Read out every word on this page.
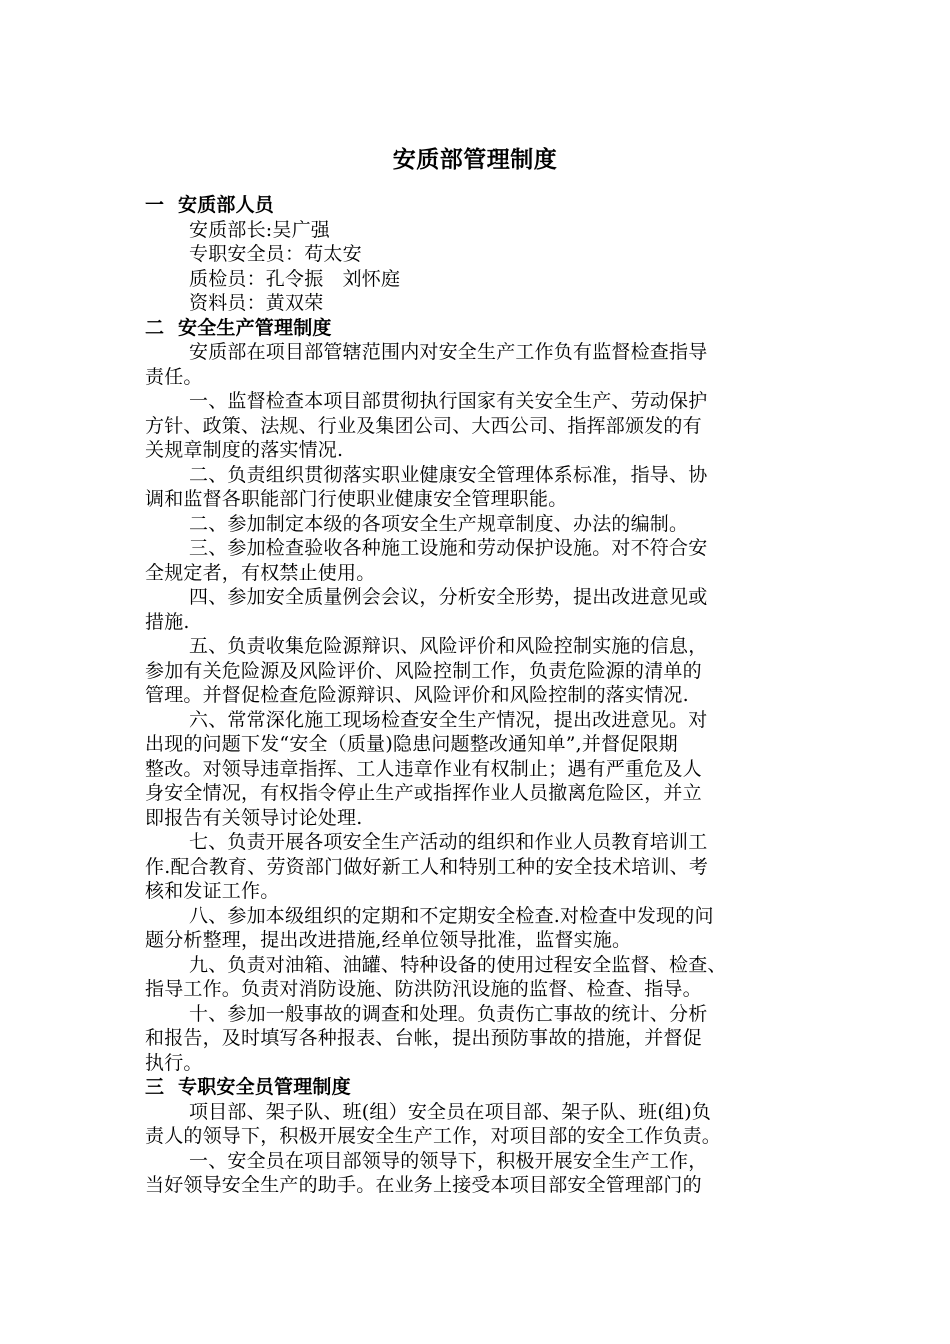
安质部管理制度
一 安质部人员
安质部长:吴广强
专职安全员：苟太安
质检员：孔令振　刘怀庭
资料员：黄双荣
二 安全生产管理制度
安质部在项目部管辖范围内对安全生产工作负有监督检查指导
责任。
一、监督检查本项目部贯彻执行国家有关安全生产、劳动保护
方针、政策、法规、行业及集团公司、大西公司、指挥部颁发的有
关规章制度的落实情况.
二、负责组织贯彻落实职业健康安全管理体系标准，指导、协
调和监督各职能部门行使职业健康安全管理职能。
二、参加制定本级的各项安全生产规章制度、办法的编制。
三、参加检查验收各种施工设施和劳动保护设施。对不符合安
全规定者，有权禁止使用。
四、参加安全质量例会会议，分析安全形势，提出改进意见或
措施.
五、负责收集危险源辩识、风险评价和风险控制实施的信息，
参加有关危险源及风险评价、风险控制工作，负责危险源的清单的
管理。并督促检查危险源辩识、风险评价和风险控制的落实情况.
六、常常深化施工现场检查安全生产情况，提出改进意见。对
出现的问题下发“安全（质量)隐患问题整改通知单”,并督促限期
整改。对领导违章指挥、工人违章作业有权制止；遇有严重危及人
身安全情况，有权指令停止生产或指挥作业人员撤离危险区，并立
即报告有关领导讨论处理.
七、负责开展各项安全生产活动的组织和作业人员教育培训工
作.配合教育、劳资部门做好新工人和特别工种的安全技术培训、考
核和发证工作。
八、参加本级组织的定期和不定期安全检查.对检查中发现的问
题分析整理，提出改进措施,经单位领导批准，监督实施。
九、负责对油箱、油罐、特种设备的使用过程安全监督、检查、
指导工作。负责对消防设施、防洪防汛设施的监督、检查、指导。
十、参加一般事故的调查和处理。负责伤亡事故的统计、分析
和报告，及时填写各种报表、台帐，提出预防事故的措施，并督促
执行。
三 专职安全员管理制度
项目部、架子队、班(组）安全员在项目部、架子队、班(组)负
责人的领导下，积极开展安全生产工作，对项目部的安全工作负责。
一、安全员在项目部领导的领导下，积极开展安全生产工作，
当好领导安全生产的助手。在业务上接受本项目部安全管理部门的
